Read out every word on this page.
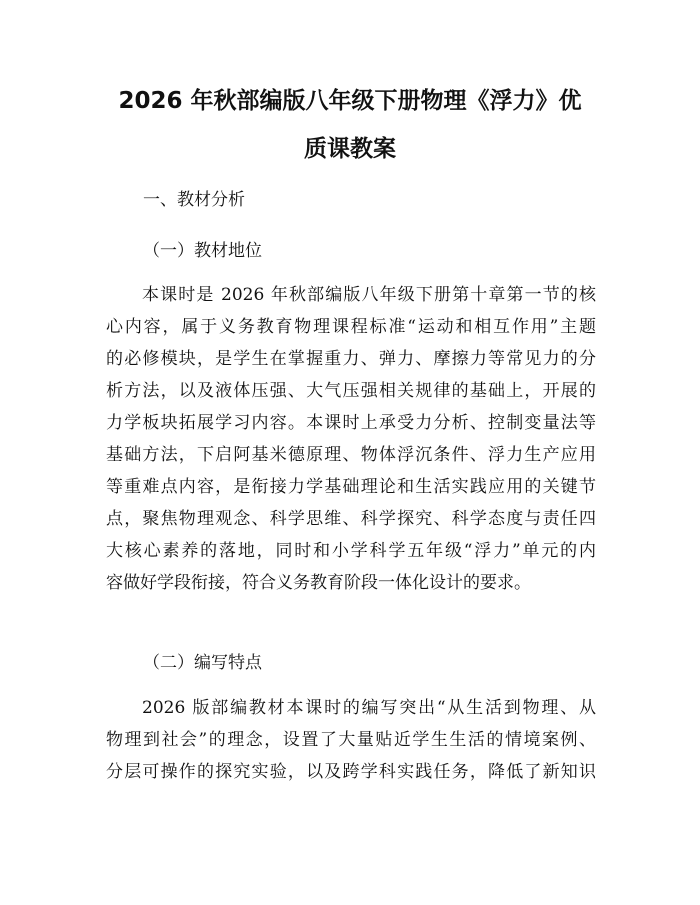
2026 年秋部编版八年级下册物理《浮力》优
质课教案

一、教材分析

（一）教材地位

本课时是 2026 年秋部编版八年级下册第十章第一节的核
心内容，属于义务教育物理课程标准“运动和相互作用”主题
的必修模块，是学生在掌握重力、弹力、摩擦力等常见力的分
析方法，以及液体压强、大气压强相关规律的基础上，开展的
力学板块拓展学习内容。本课时上承受力分析、控制变量法等
基础方法，下启阿基米德原理、物体浮沉条件、浮力生产应用
等重难点内容，是衔接力学基础理论和生活实践应用的关键节
点，聚焦物理观念、科学思维、科学探究、科学态度与责任四
大核心素养的落地，同时和小学科学五年级“浮力”单元的内
容做好学段衔接，符合义务教育阶段一体化设计的要求。

（二）编写特点

2026 版部编教材本课时的编写突出“从生活到物理、从
物理到社会”的理念，设置了大量贴近学生生活的情境案例、
分层可操作的探究实验，以及跨学科实践任务，降低了新知识
